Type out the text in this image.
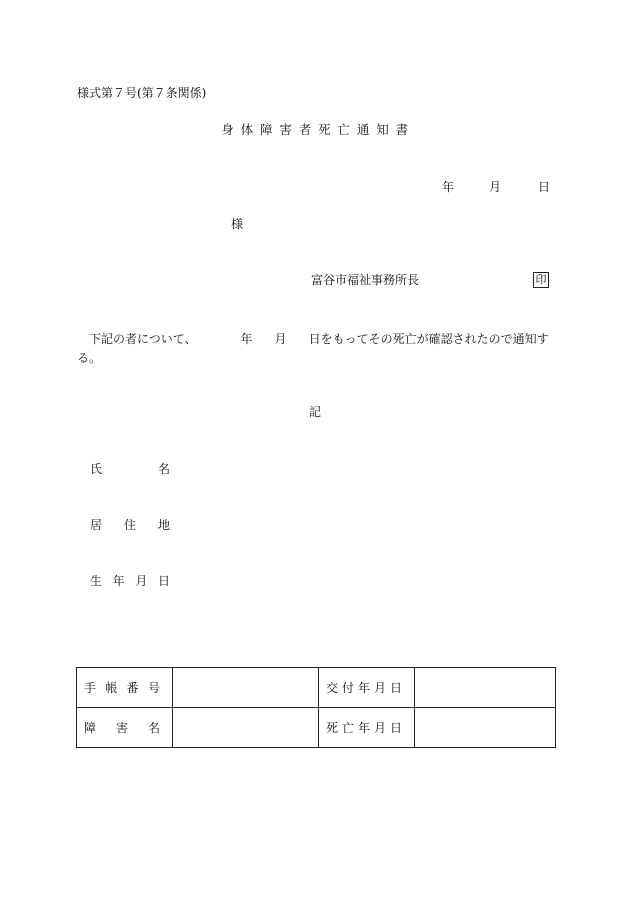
様式第７号(第７条関係)
身体障害者死亡通知書
年	月	日
様
富谷市福祉事務所長	印
下記の者について、	年 月 日をもってその死亡が確認されたので通知する。
記
氏名
居住地
生年月日
手帳番号		交付年月日	

障害名		死亡年月日	
